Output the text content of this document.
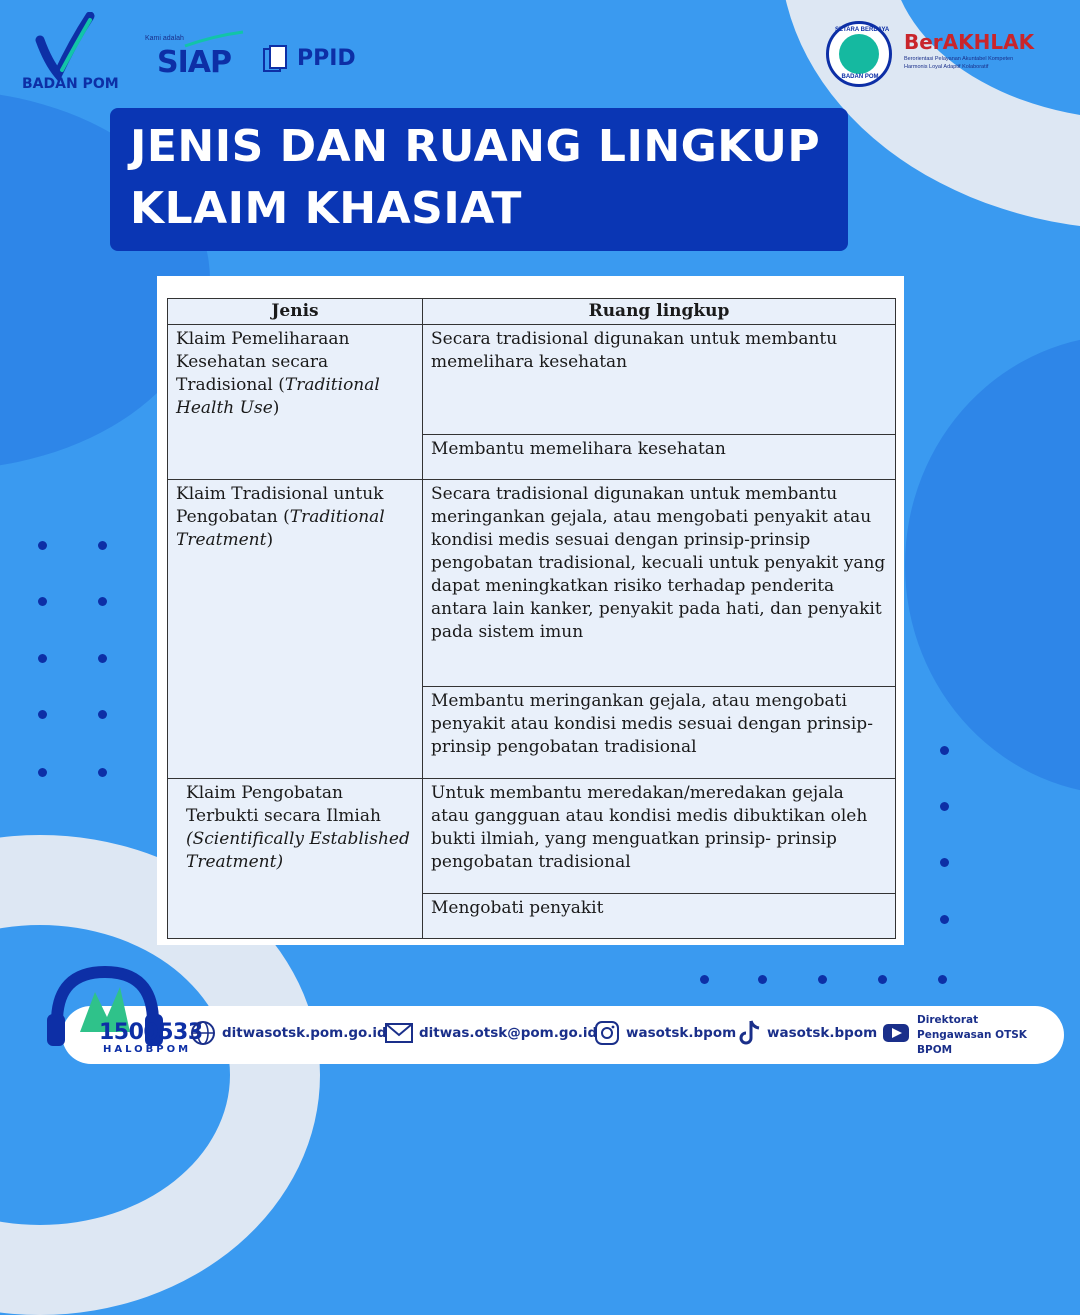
BADAN POM
Kami adalah
SIAP	PPID
SETARA BERDAYA
BADAN POM
BerAKHLAK
Berorientasi Pelayanan Akuntabel Kompeten
Harmonis Loyal Adaptif Kolaboratif
JENIS DAN RUANG LINGKUP
KLAIM KHASIAT
Jenis	Ruang lingkup
Klaim Pemeliharaan Kesehatan secara Tradisional (Traditional Health Use)	Secara tradisional digunakan untuk membantu memelihara kesehatan
	Membantu memelihara kesehatan
Klaim Tradisional untuk Pengobatan (Traditional Treatment)	Secara tradisional digunakan untuk membantu meringankan gejala, atau mengobati penyakit atau kondisi medis sesuai dengan prinsip-prinsip pengobatan tradisional, kecuali untuk penyakit yang dapat meningkatkan risiko terhadap penderita antara lain kanker, penyakit pada hati, dan penyakit pada sistem imun
	Membantu meringankan gejala, atau mengobati penyakit atau kondisi medis sesuai dengan prinsip-prinsip pengobatan tradisional
Klaim Pengobatan Terbukti secara Ilmiah (Scientifically Established Treatment)	Untuk membantu meredakan/meredakan gejala atau gangguan atau kondisi medis dibuktikan oleh bukti ilmiah, yang menguatkan prinsip- prinsip pengobatan tradisional
	Mengobati penyakit
1500533
HALOBPOM
ditwasotsk.pom.go.id ditwas.otsk@pom.go.id wasotsk.bpom wasotsk.bpom
Direktorat
Pengawasan OTSK
BPOM
